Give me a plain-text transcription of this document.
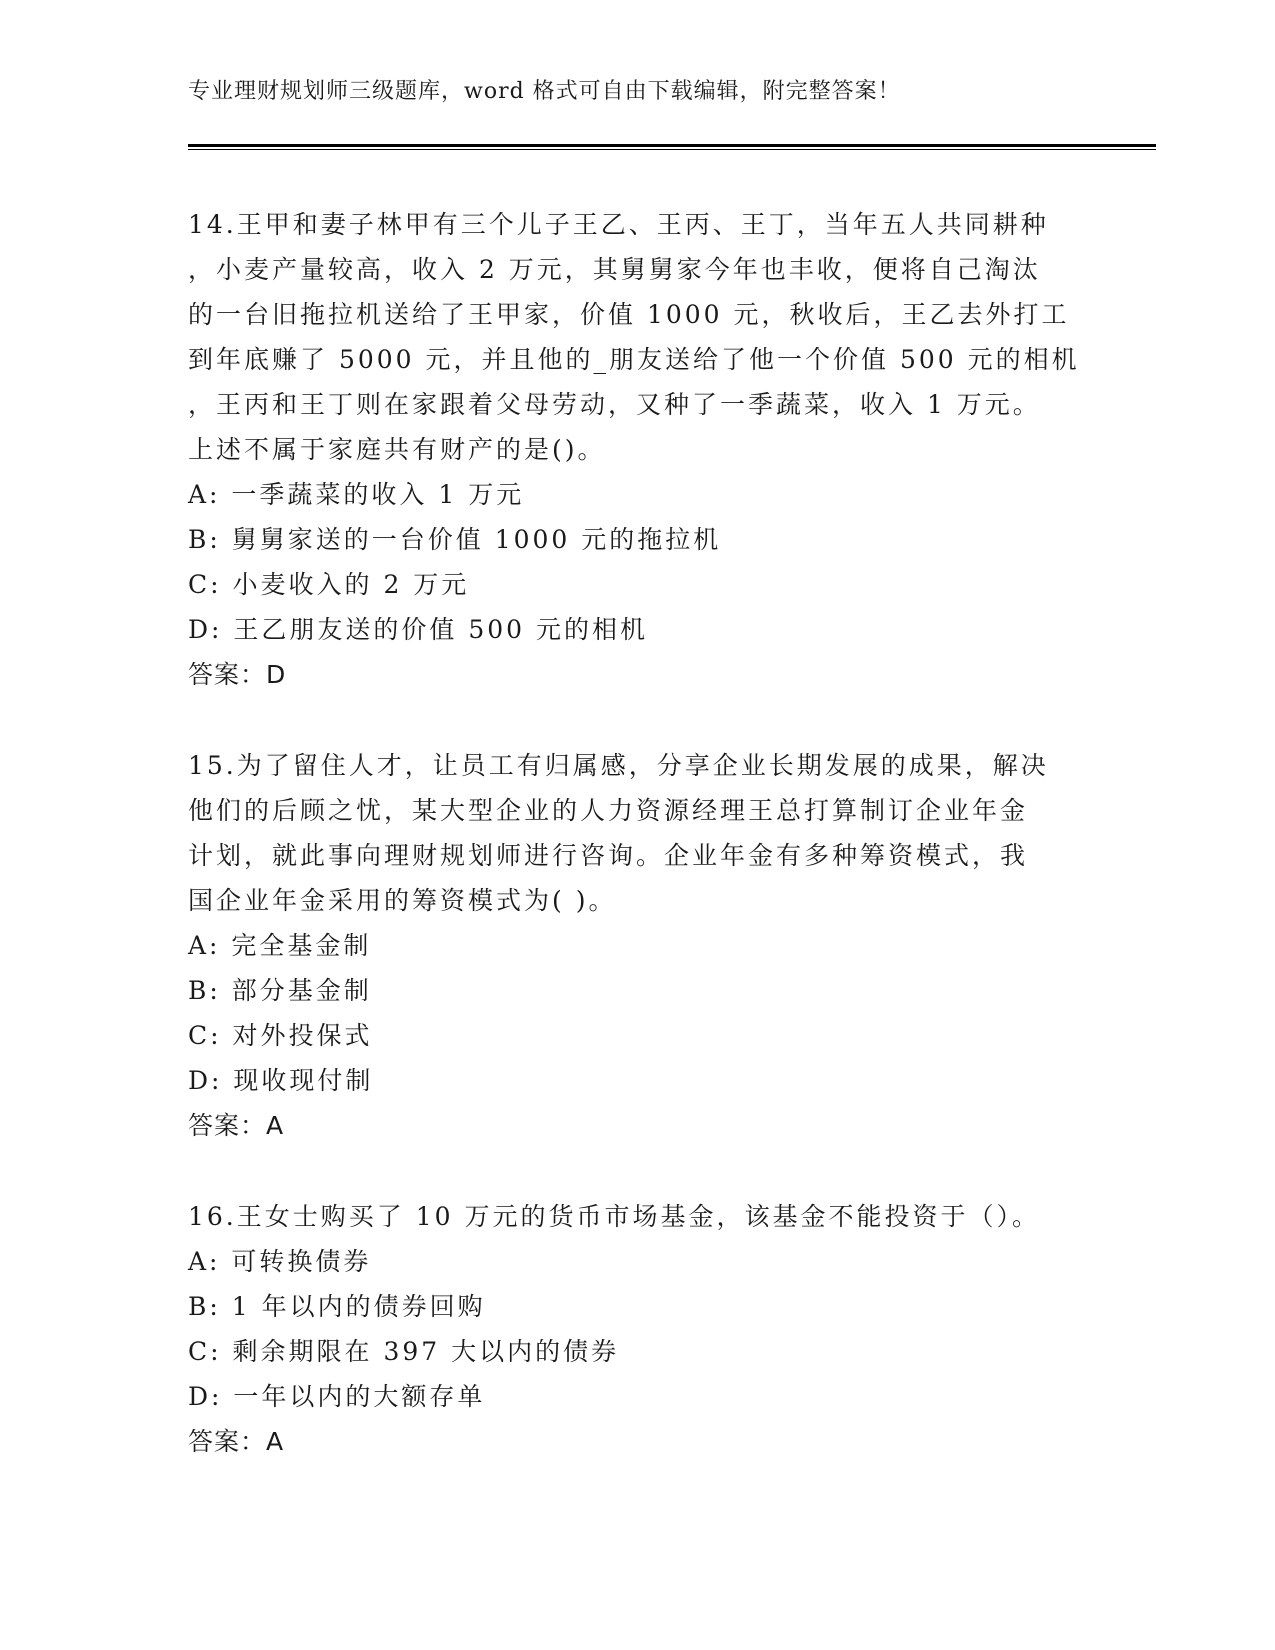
专业理财规划师三级题库，word 格式可自由下载编辑，附完整答案！
14.王甲和妻子林甲有三个儿子王乙、王丙、王丁，当年五人共同耕种
，小麦产量较高，收入 2 万元，其舅舅家今年也丰收，便将自己淘汰
的一台旧拖拉机送给了王甲家，价值 1000 元，秋收后，王乙去外打工
到年底赚了 5000 元，并且他的_朋友送给了他一个价值 500 元的相机
，王丙和王丁则在家跟着父母劳动，又种了一季蔬菜，收入 1 万元。
上述不属于家庭共有财产的是()。
A: 一季蔬菜的收入 1 万元
B: 舅舅家送的一台价值 1000 元的拖拉机
C: 小麦收入的 2 万元
D: 王乙朋友送的价值 500 元的相机
答案：D
15.为了留住人才，让员工有归属感，分享企业长期发展的成果，解决
他们的后顾之忧，某大型企业的人力资源经理王总打算制订企业年金
计划，就此事向理财规划师进行咨询。企业年金有多种筹资模式，我
国企业年金采用的筹资模式为( )。
A: 完全基金制
B: 部分基金制
C: 对外投保式
D: 现收现付制
答案：A
16.王女士购买了 10 万元的货币市场基金，该基金不能投资于（）。
A: 可转换债券
B: 1 年以内的债券回购
C: 剩余期限在 397 大以内的债券
D: 一年以内的大额存单
答案：A
